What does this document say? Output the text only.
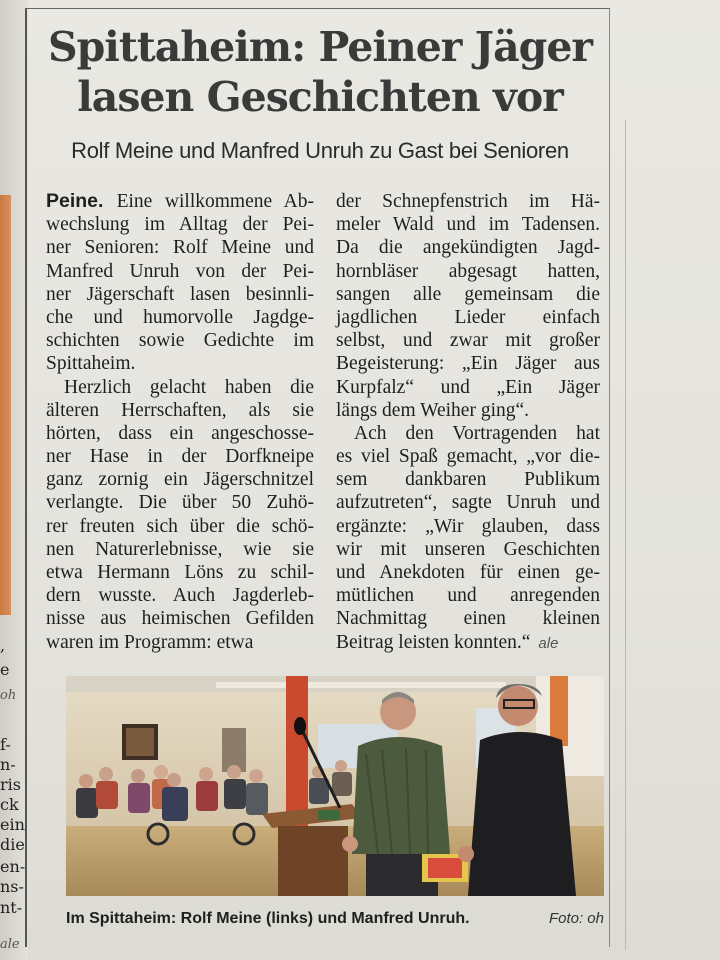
,
e
oh
f-
n-
ris
ck
ein
die
en-
ns-
nt-
ale
Spittaheim: Peiner Jäger
lasen Geschichten vor
Rolf Meine und Manfred Unruh zu Gast bei Senioren
Peine. Eine willkommene Ab-
wechslung im Alltag der Pei-
ner Senioren: Rolf Meine und
Manfred Unruh von der Pei-
ner Jägerschaft lasen besinnli-
che und humorvolle Jagdge-
schichten sowie Gedichte im
Spittaheim.
Herzlich gelacht haben die
älteren Herrschaften, als sie
hörten, dass ein angeschosse-
ner Hase in der Dorfkneipe
ganz zornig ein Jägerschnitzel
verlangte. Die über 50 Zuhö-
rer freuten sich über die schö-
nen Naturerlebnisse, wie sie
etwa Hermann Löns zu schil-
dern wusste. Auch Jagderleb-
nisse aus heimischen Gefilden
waren im Programm: etwa
der Schnepfenstrich im Hä-
meler Wald und im Tadensen.
Da die angekündigten Jagd-
hornbläser abgesagt hatten,
sangen alle gemeinsam die
jagdlichen Lieder einfach
selbst, und zwar mit großer
Begeisterung: „Ein Jäger aus
Kurpfalz“ und „Ein Jäger
längs dem Weiher ging“.
Ach den Vortragenden hat
es viel Spaß gemacht, „vor die-
sem dankbaren Publikum
aufzutreten“, sagte Unruh und
ergänzte: „Wir glauben, dass
wir mit unseren Geschichten
und Anekdoten für einen ge-
mütlichen und anregenden
Nachmittag einen kleinen
Beitrag leisten konnten.“ ale
Im Spittaheim: Rolf Meine (links) und Manfred Unruh.	Foto: oh
